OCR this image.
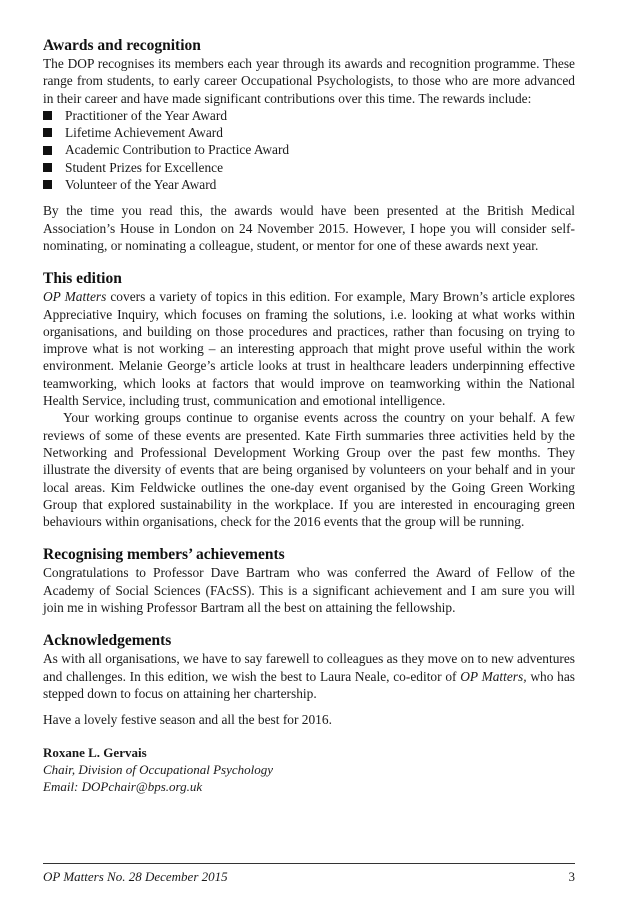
Awards and recognition

The DOP recognises its members each year through its awards and recognition programme. These range from students, to early career Occupational Psychologists, to those who are more advanced in their career and have made significant contributions over this time. The rewards include:

Practitioner of the Year Award
Lifetime Achievement Award
Academic Contribution to Practice Award
Student Prizes for Excellence
Volunteer of the Year Award

By the time you read this, the awards would have been presented at the British Medical Association’s House in London on 24 November 2015. However, I hope you will consider self-nominating, or nominating a colleague, student, or mentor for one of these awards next year.

This edition

OP Matters covers a variety of topics in this edition. For example, Mary Brown’s article explores Appreciative Inquiry, which focuses on framing the solutions, i.e. looking at what works within organisations, and building on those procedures and practices, rather than focusing on trying to improve what is not working – an interesting approach that might prove useful within the work environment. Melanie George’s article looks at trust in healthcare leaders underpinning effective teamworking, which looks at factors that would improve on teamworking within the National Health Service, including trust, communication and emotional intelligence.

Your working groups continue to organise events across the country on your behalf. A few reviews of some of these events are presented. Kate Firth summaries three activities held by the Networking and Professional Development Working Group over the past few months. They illustrate the diversity of events that are being organised by volunteers on your behalf and in your local areas. Kim Feldwicke outlines the one-day event organised by the Going Green Working Group that explored sustainability in the workplace. If you are interested in encouraging green behaviours within organisations, check for the 2016 events that the group will be running.

Recognising members’ achievements

Congratulations to Professor Dave Bartram who was conferred the Award of Fellow of the Academy of Social Sciences (FAcSS). This is a significant achievement and I am sure you will join me in wishing Professor Bartram all the best on attaining the fellowship.

Acknowledgements

As with all organisations, we have to say farewell to colleagues as they move on to new adventures and challenges. In this edition, we wish the best to Laura Neale, co-editor of OP Matters, who has stepped down to focus on attaining her chartership.

Have a lovely festive season and all the best for 2016.

Roxane L. Gervais
Chair, Division of Occupational Psychology
Email: DOPchair@bps.org.uk
OP Matters No. 28 December 2015	3
